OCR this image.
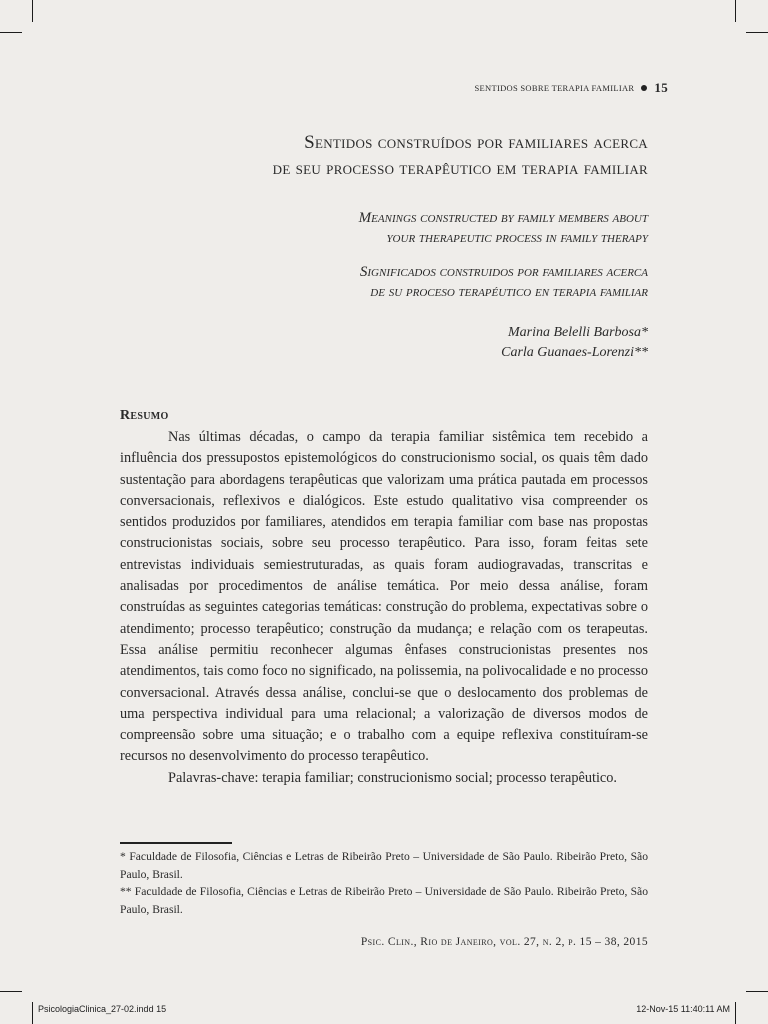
SENTIDOS SOBRE TERAPIA FAMILIAR 15
Sentidos construídos por familiares acerca
de seu processo terapêutico em terapia familiar
Meanings constructed by family members about
your therapeutic process in family therapy
Significados construidos por familiares acerca
de su proceso terapéutico en terapia familiar
Marina Belelli Barbosa*
Carla Guanaes-Lorenzi**
Resumo

Nas últimas décadas, o campo da terapia familiar sistêmica tem recebido a influência dos pressupostos epistemológicos do construcionismo social, os quais têm dado sustentação para abordagens terapêuticas que valorizam uma prática pautada em processos conversacionais, reflexivos e dialógicos. Este estudo qualitativo visa compreender os sentidos produzidos por familiares, atendidos em terapia familiar com base nas propostas construcionistas sociais, sobre seu processo terapêutico. Para isso, foram feitas sete entrevistas individuais semiestruturadas, as quais foram audiogravadas, transcritas e analisadas por procedimentos de análise temática. Por meio dessa análise, foram construídas as seguintes categorias temáticas: construção do problema, expectativas sobre o atendimento; processo terapêutico; construção da mudança; e relação com os terapeutas. Essa análise permitiu reconhecer algumas ênfases construcionistas presentes nos atendimentos, tais como foco no significado, na polissemia, na polivocalidade e no processo conversacional. Através dessa análise, conclui-se que o deslocamento dos problemas de uma perspectiva individual para uma relacional; a valorização de diversos modos de compreensão sobre uma situação; e o trabalho com a equipe reflexiva constituíram-se recursos no desenvolvimento do processo terapêutico.

Palavras-chave: terapia familiar; construcionismo social; processo terapêutico.

* Faculdade de Filosofia, Ciências e Letras de Ribeirão Preto – Universidade de São Paulo. Ribeirão Preto, São Paulo, Brasil.

** Faculdade de Filosofia, Ciências e Letras de Ribeirão Preto – Universidade de São Paulo. Ribeirão Preto, São Paulo, Brasil.

Psic. Clin., Rio de Janeiro, vol. 27, n. 2, p. 15 – 38, 2015
PsicologiaClinica_27-02.indd 15	12-Nov-15 11:40:11 AM
